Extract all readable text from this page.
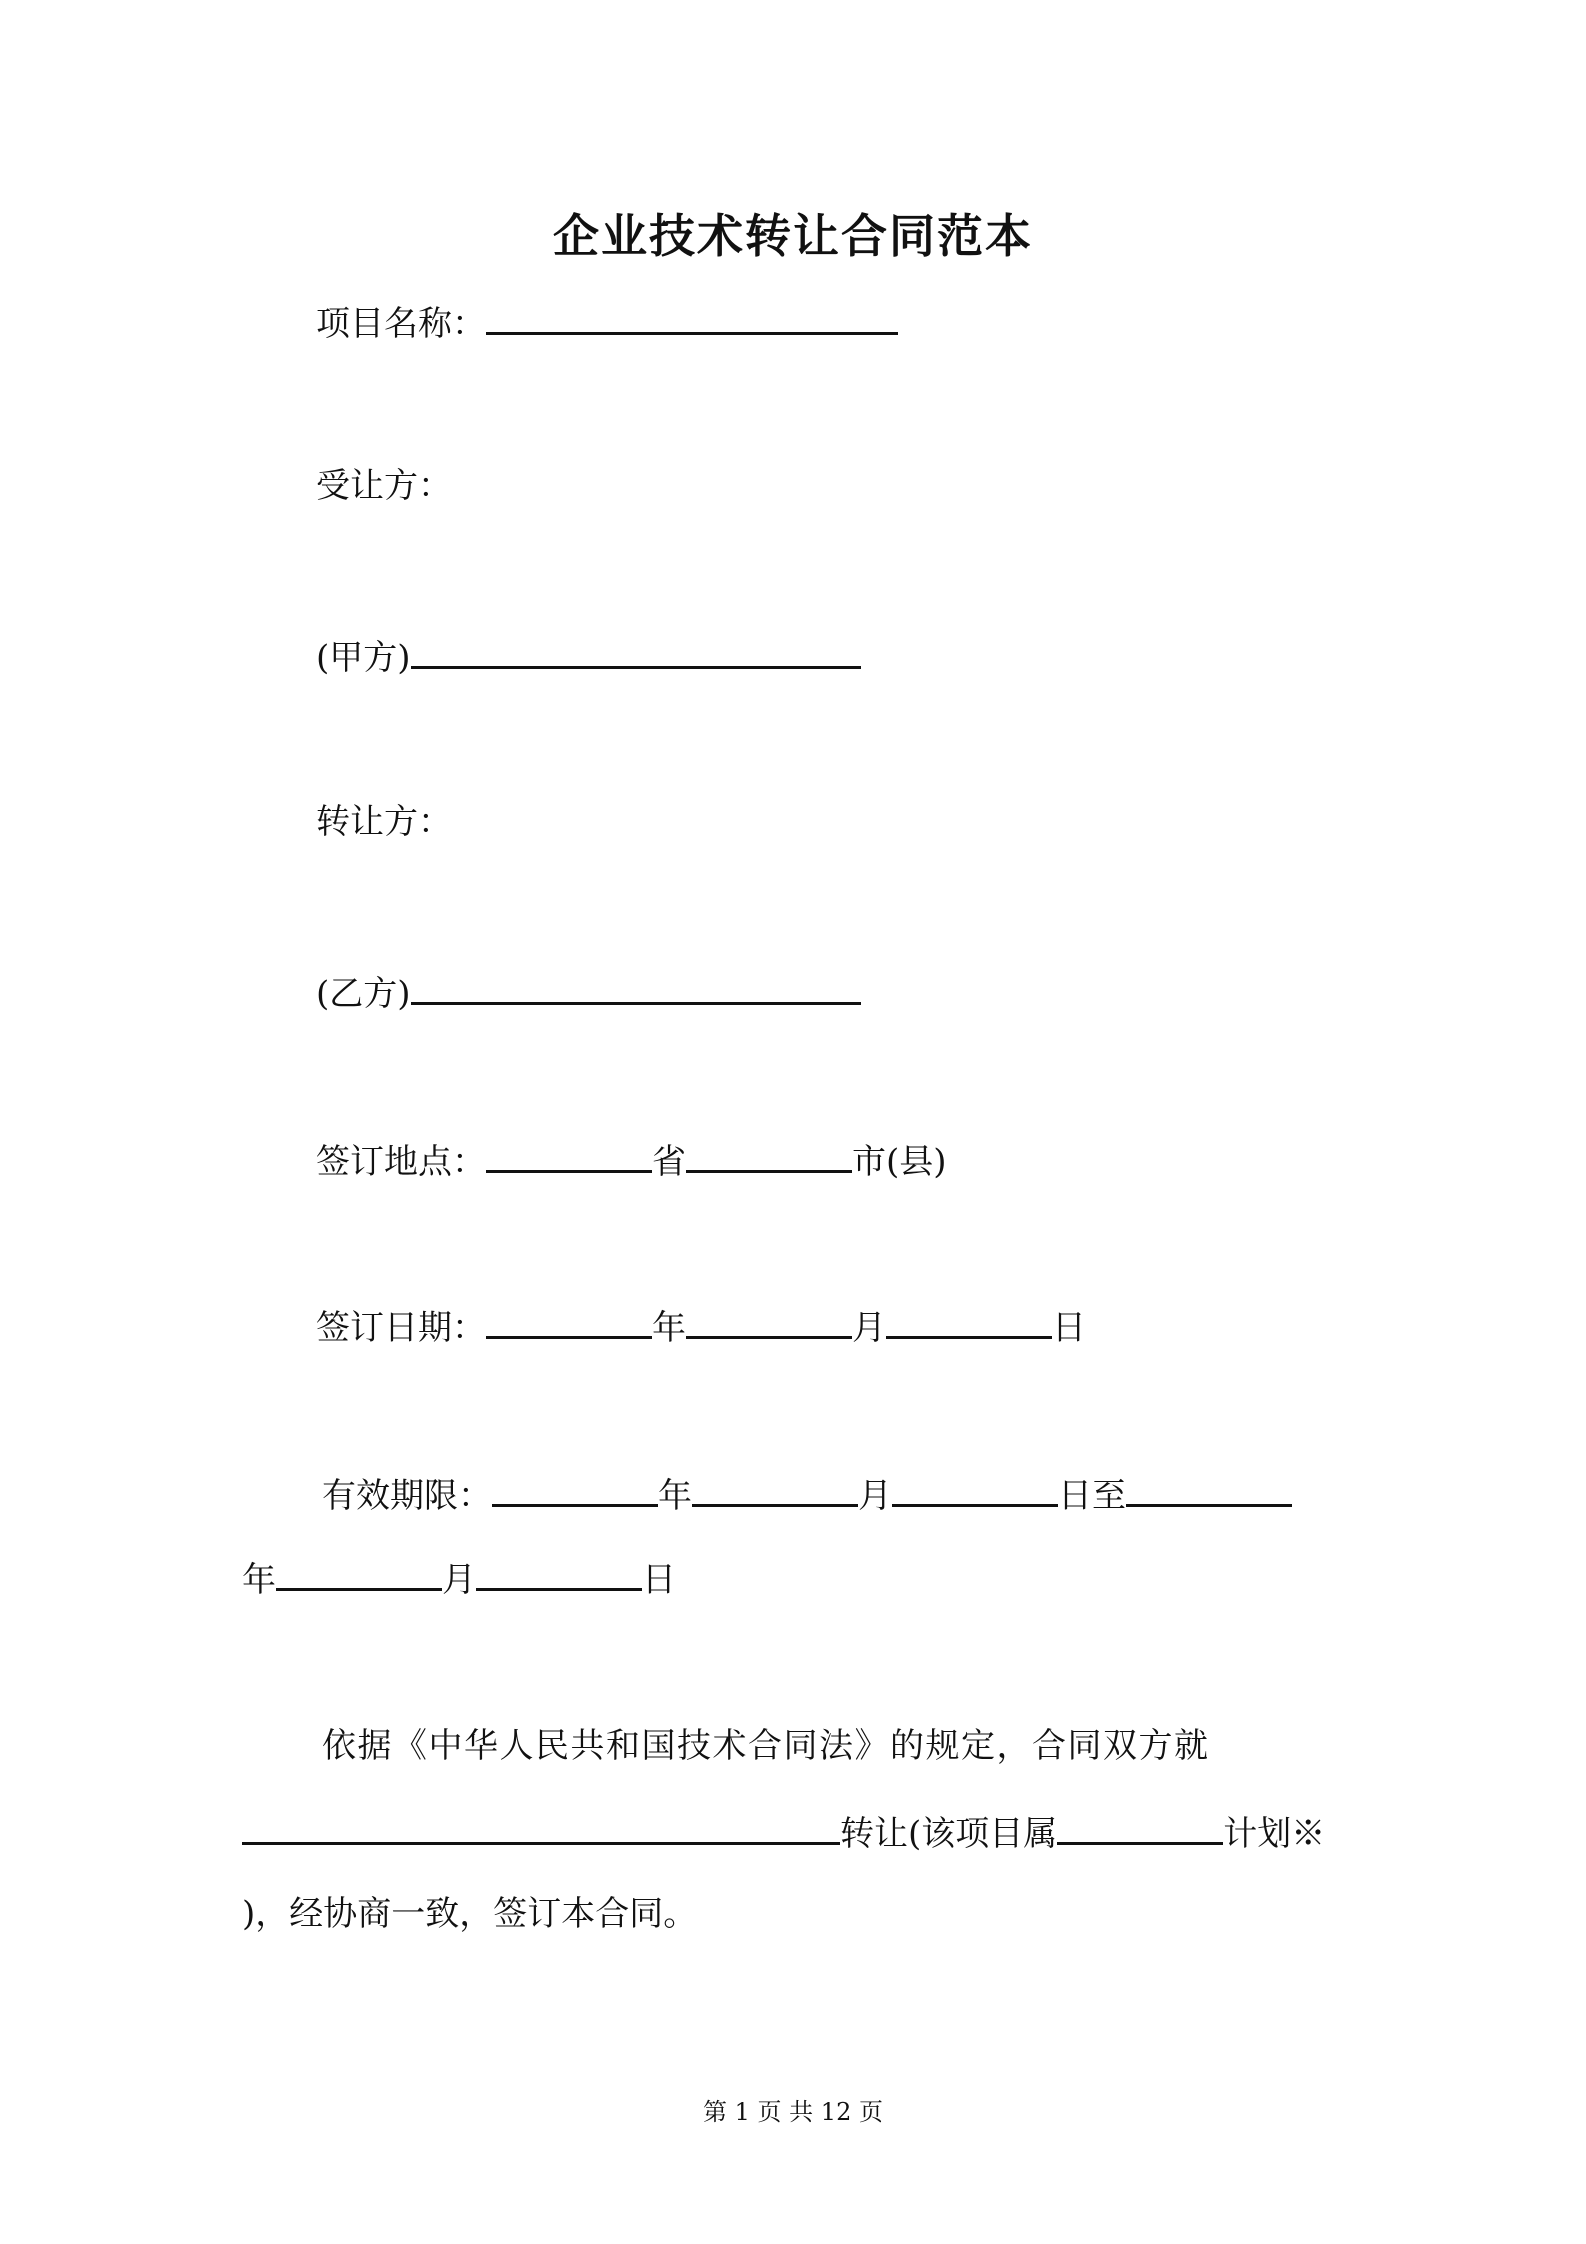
企业技术转让合同范本
项目名称：
受让方：
(甲方)
转让方：
(乙方)
签订地点：	省	市(县)
签订日期：	年	月	日
有效期限：	年	月	日至
年	月	日
依据《中华人民共和国技术合同法》的规定，合同双方就
转让(该项目属	计划※
)，经协商一致，签订本合同。
第 1 页 共 12 页
